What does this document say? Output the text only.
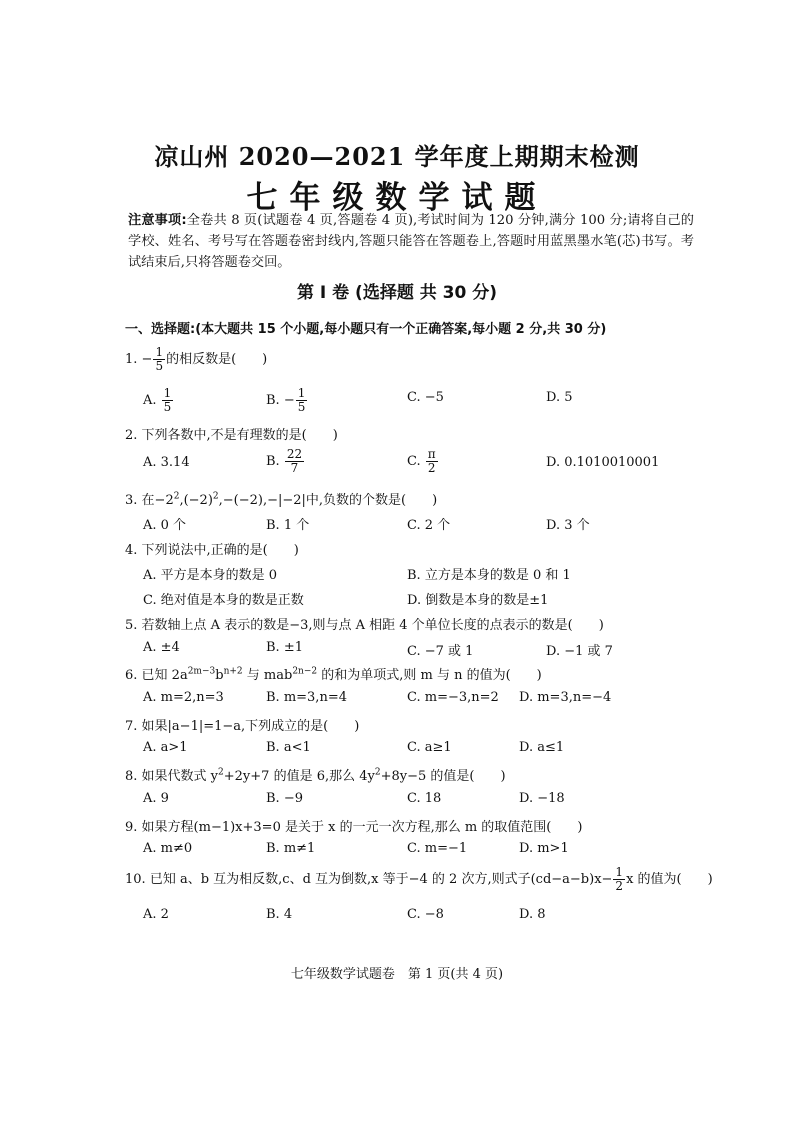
凉山州 2020—2021 学年度上期期末检测
七年级数学试题
注意事项:全卷共 8 页(试题卷 4 页,答题卷 4 页),考试时间为 120 分钟,满分 100 分;请将自己的学校、姓名、考号写在答题卷密封线内,答题只能答在答题卷上,答题时用蓝黑墨水笔(芯)书写。考试结束后,只将答题卷交回。
第 Ⅰ 卷 (选择题 共 30 分)
一、选择题:(本大题共 15 个小题,每小题只有一个正确答案,每小题 2 分,共 30 分)
1. − $\frac{1}{5}$ 的相反数是(　　)
A. $\frac{1}{5}$	B. − $\frac{1}{5}$	C. −5	D. 5
2. 下列各数中,不是有理数的是(　　)
A. 3.14	B. $\frac{22}{7}$	C. $\frac{\pi}{2}$	D. 0.1010010001
3. 在$-2^2,(-2)^2,-(-2),-|-2|$中,负数的个数是(　　)
A. 0 个	B. 1 个	C. 2 个	D. 3 个
4. 下列说法中,正确的是(　　)
A. 平方是本身的数是 0	B. 立方是本身的数是 0 和 1
C. 绝对值是本身的数是正数	D. 倒数是本身的数是±1
5. 若数轴上点 A 表示的数是−3,则与点 A 相距 4 个单位长度的点表示的数是(　　)
A. ±4	B. ±1	C. −7 或 1	D. −1 或 7
6. 已知 $2a^{2m-3}b^{n+2}$ 与 mab$^{2n-2}$ 的和为单项式,则 m 与 n 的值为(　　)
A. m=2,n=3	B. m=3,n=4	C. m=−3,n=2 D. m=3,n=−4
7. 如果|a−1|=1−a,下列成立的是(　　)
A. a>1	B. a<1	C. a≥1	D. a≤1
8. 如果代数式 $y^2+2y+7$ 的值是 6,那么 $4y^2+8y-5$ 的值是(　　)
A. 9	B. −9	C. 18	D. −18
9. 如果方程(m−1)x+3=0 是关于 x 的一元一次方程,那么 m 的取值范围(　　)
A. m≠0	B. m≠1	C. m=−1	D. m>1
10. 已知 a、b 互为相反数,c、d 互为倒数,x 等于−4 的 2 次方,则式子$(cd-a-b)x- \frac{1}{2}$ x 的值为(　　)
A. 2	B. 4	C. −8	D. 8
七年级数学试题卷　第 1 页(共 4 页)
